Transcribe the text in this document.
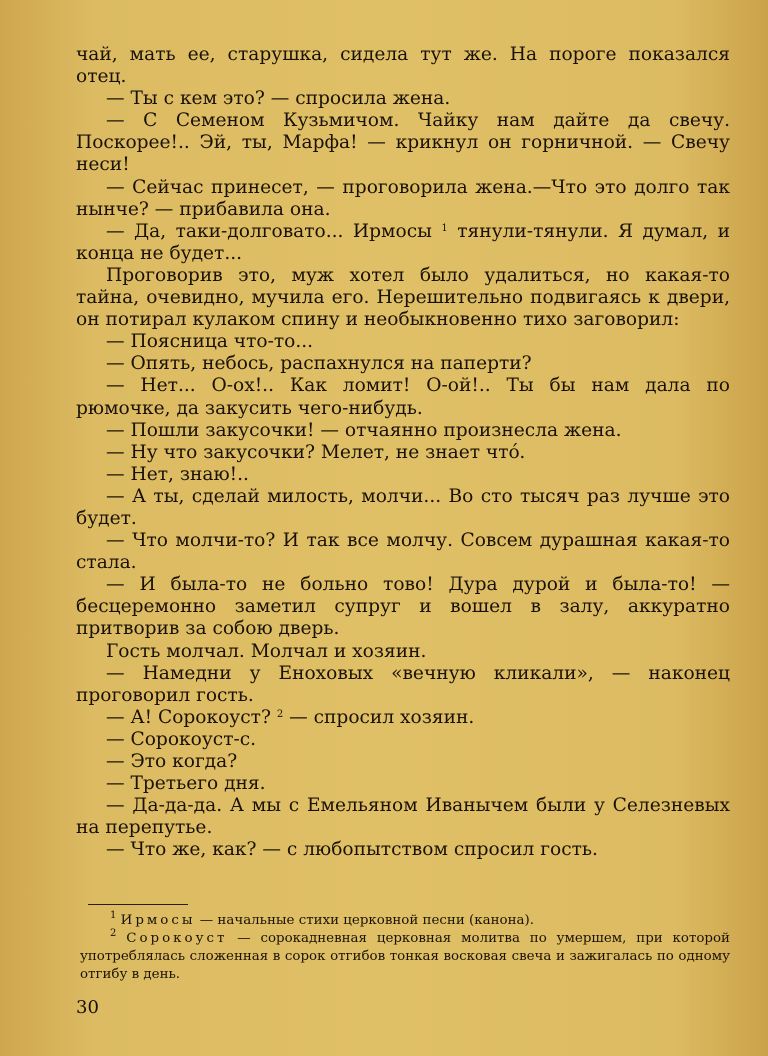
чай, мать ее, старушка, сидела тут же. На пороге показался отец.

— Ты с кем это? — спросила жена.

— С Семеном Кузьмичом. Чайку нам дайте да свечу. Поскорее!.. Эй, ты, Марфа! — крикнул он горничной. — Свечу неси!

— Сейчас принесет, — проговорила жена.—Что это долго так нынче? — прибавила она.

— Да, таки-долговато... Ирмосы $^1$ тянули-тянули. Я думал, и конца не будет...

Проговорив это, муж хотел было удалиться, но какая-то тайна, очевидно, мучила его. Нерешительно подвигаясь к двери, он потирал кулаком спину и необыкновенно тихо заговорил:

— Поясница что-то...

— Опять, небось, распахнулся на паперти?

— Нет... О-ох!.. Как ломит! О-ой!.. Ты бы нам дала по рюмочке, да закусить чего-нибудь.

— Пошли закусочки! — отчаянно произнесла жена.

— Ну что закусочки? Мелет, не знает чтó.

— Нет, знаю!..

— А ты, сделай милость, молчи... Во сто тысяч раз лучше это будет.

— Что молчи-то? И так все молчу. Совсем дурашная какая-то стала.

— И была-то не больно тово! Дура дурой и была-то! — бесцеремонно заметил супруг и вошел в залу, аккуратно притворив за собою дверь.

Гость молчал. Молчал и хозяин.

— Намедни у Еноховых «вечную кликали», — наконец проговорил гость.

— А! Сорокоуст? $^2$ — спросил хозяин.

— Сорокоуст-с.

— Это когда?

— Третьего дня.

— Да-да-да. А мы с Емельяном Иванычем были у Селезневых на перепутье.

— Что же, как? — с любопытством спросил гость.

$^1$ Ирмосы — начальные стихи церковной песни (канона).

$^2$ Сорокоуст — сорокадневная церковная молитва по умершем, при которой употреблялась сложенная в сорок отгибов тонкая восковая свеча и зажигалась по одному отгибу в день.

30
